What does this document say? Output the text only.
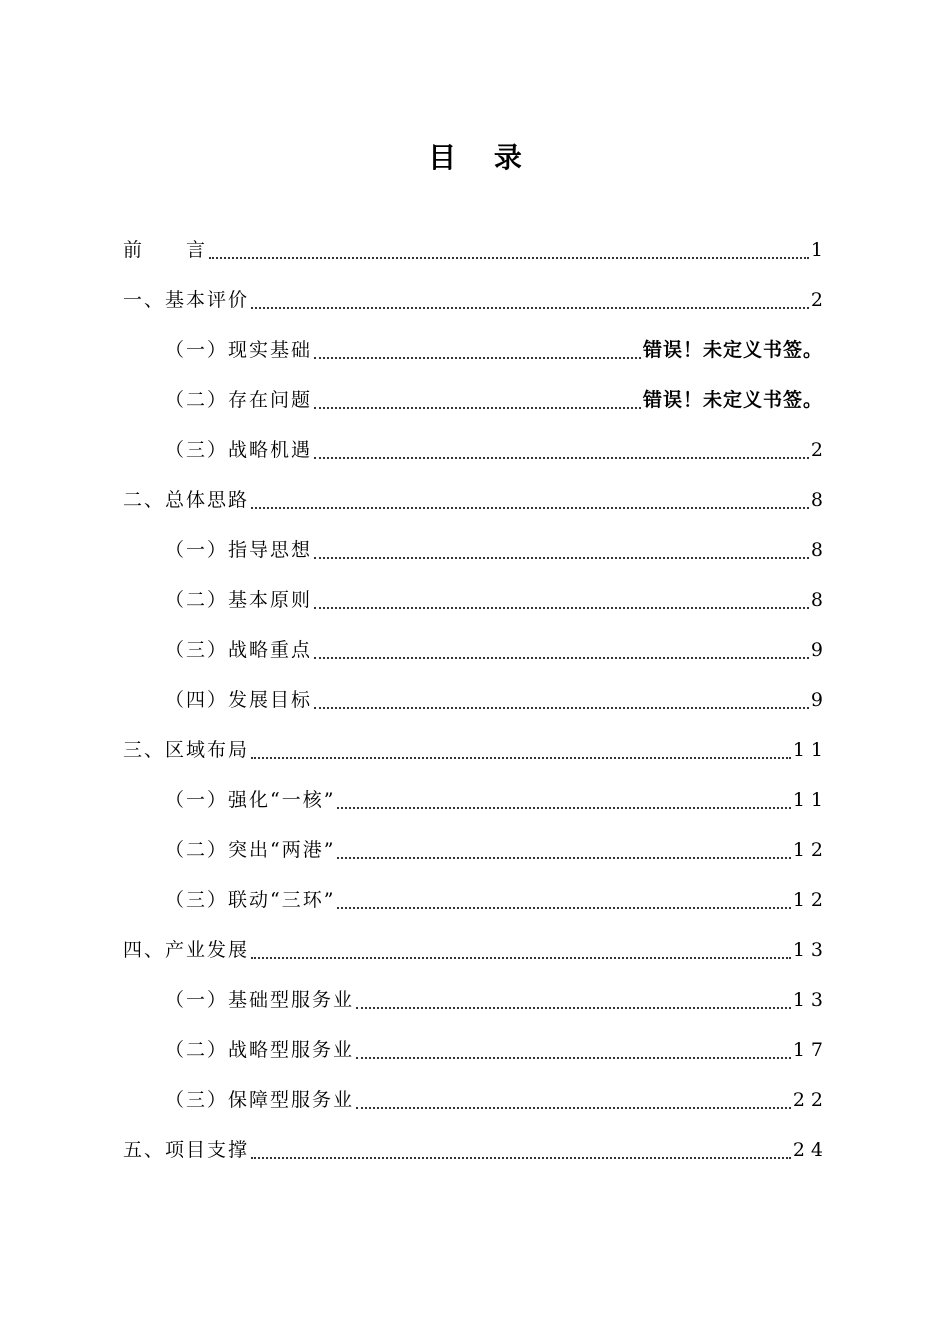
目 录
前　　言	1
一、基本评价	2
（一）现实基础	错误！未定义书签。
（二）存在问题	错误！未定义书签。
（三）战略机遇	2
二、总体思路	8
（一）指导思想	8
（二）基本原则	8
（三）战略重点	9
（四）发展目标	9
三、区域布局	11
（一）强化“一核”	11
（二）突出“两港”	12
（三）联动“三环”	12
四、产业发展	13
（一）基础型服务业	13
（二）战略型服务业	17
（三）保障型服务业	22
五、项目支撑	24
